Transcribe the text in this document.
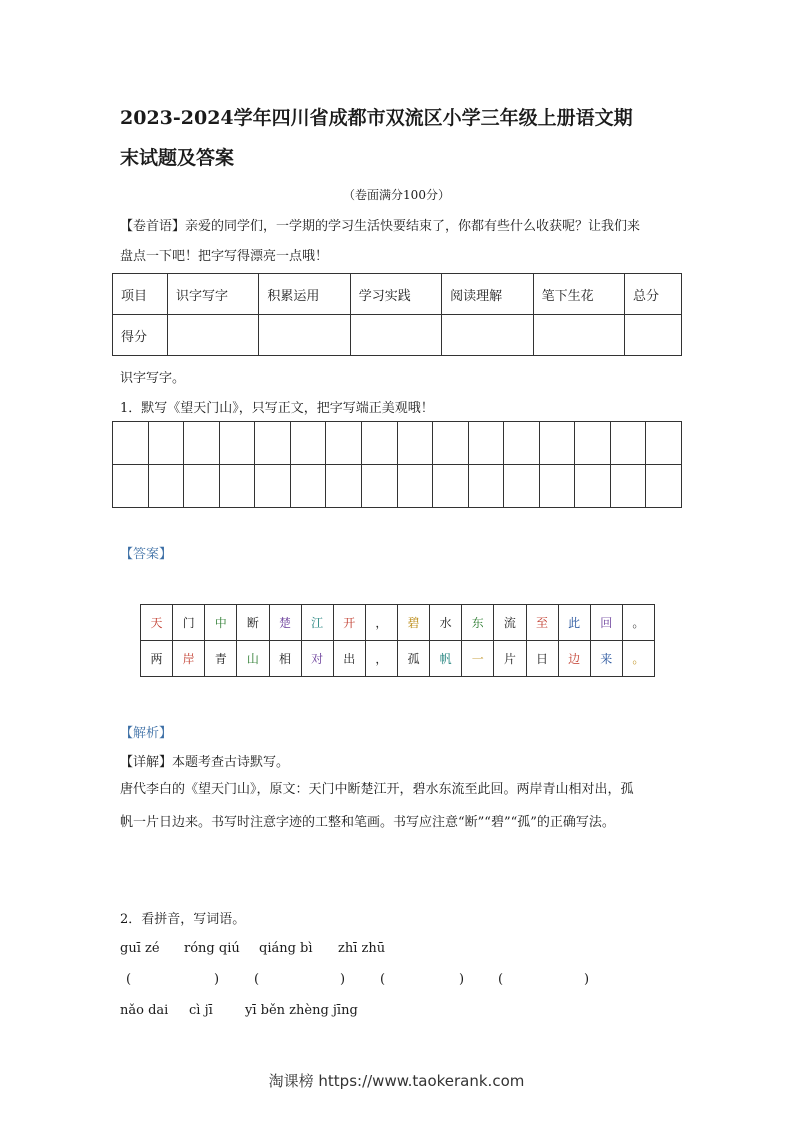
2023-2024学年四川省成都市双流区小学三年级上册语文期
末试题及答案
（卷面满分100分）
【卷首语】亲爱的同学们，一学期的学习生活快要结束了，你都有些什么收获呢？让我们来
盘点一下吧！把字写得漂亮一点哦！
项目	识字写字	积累运用	学习实践	阅读理解	笔下生花	总分
得分						
识字写字。
1．默写《望天门山》，只写正文，把字写端正美观哦！

【答案】
天	门	中	断	楚	江	开	，	碧	水	东	流	至	此	回	。
两	岸	青	山	相	对	出	，	孤	帆	一	片	日	边	来	。
【解析】
【详解】本题考查古诗默写。
唐代李白的《望天门山》，原文：天门中断楚江开，碧水东流至此回。两岸青山相对出，孤
帆一片日边来。书写时注意字迹的工整和笔画。书写应注意“断”“碧”“孤”的正确写法。
2．看拼音，写词语。
guī zé róng qiú qiáng bì zhī zhū
(	)	(	)	(	)	(	)
nǎo dai cì jī yī běn zhèng jīng
淘课榜 https://www.taokerank.com
